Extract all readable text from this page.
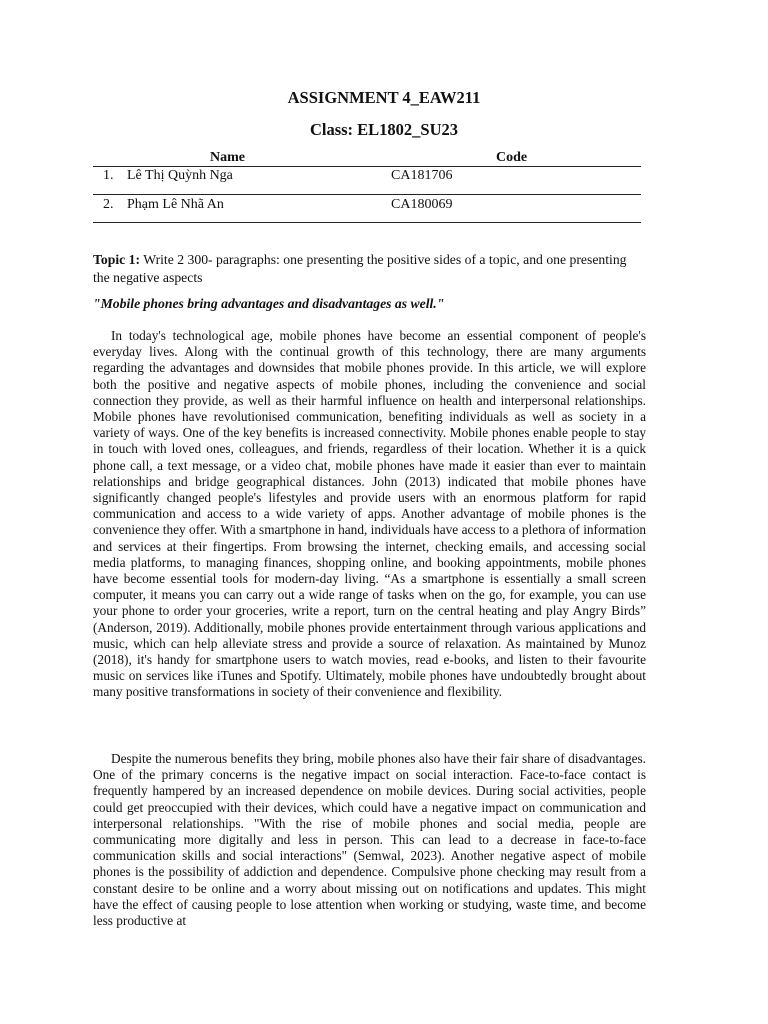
ASSIGNMENT 4_EAW211
Class: EL1802_SU23
Name	Code
1. Lê Thị Quỳnh Nga	CA181706
2. Phạm Lê Nhã An	CA180069
Topic 1: Write 2 300- paragraphs: one presenting the positive sides of a topic, and one presenting the negative aspects
"Mobile phones bring advantages and disadvantages as well."

In today's technological age, mobile phones have become an essential component of people's everyday lives. Along with the continual growth of this technology, there are many arguments regarding the advantages and downsides that mobile phones provide. In this article, we will explore both the positive and negative aspects of mobile phones, including the convenience and social connection they provide, as well as their harmful influence on health and interpersonal relationships. Mobile phones have revolutionised communication, benefiting individuals as well as society in a variety of ways. One of the key benefits is increased connectivity. Mobile phones enable people to stay in touch with loved ones, colleagues, and friends, regardless of their location. Whether it is a quick phone call, a text message, or a video chat, mobile phones have made it easier than ever to maintain relationships and bridge geographical distances. John (2013) indicated that mobile phones have significantly changed people's lifestyles and provide users with an enormous platform for rapid communication and access to a wide variety of apps. Another advantage of mobile phones is the convenience they offer. With a smartphone in hand, individuals have access to a plethora of information and services at their fingertips. From browsing the internet, checking emails, and accessing social media platforms, to managing finances, shopping online, and booking appointments, mobile phones have become essential tools for modern-day living. “As a smartphone is essentially a small screen computer, it means you can carry out a wide range of tasks when on the go, for example, you can use your phone to order your groceries, write a report, turn on the central heating and play Angry Birds” (Anderson, 2019). Additionally, mobile phones provide entertainment through various applications and music, which can help alleviate stress and provide a source of relaxation. As maintained by Munoz (2018), it's handy for smartphone users to watch movies, read e-books, and listen to their favourite music on services like iTunes and Spotify. Ultimately, mobile phones have undoubtedly brought about many positive transformations in society of their convenience and flexibility.

Despite the numerous benefits they bring, mobile phones also have their fair share of disadvantages. One of the primary concerns is the negative impact on social interaction. Face-to-face contact is frequently hampered by an increased dependence on mobile devices. During social activities, people could get preoccupied with their devices, which could have a negative impact on communication and interpersonal relationships. "With the rise of mobile phones and social media, people are communicating more digitally and less in person. This can lead to a decrease in face-to-face communication skills and social interactions" (Semwal, 2023). Another negative aspect of mobile phones is the possibility of addiction and dependence. Compulsive phone checking may result from a constant desire to be online and a worry about missing out on notifications and updates. This might have the effect of causing people to lose attention when working or studying, waste time, and become less productive at
